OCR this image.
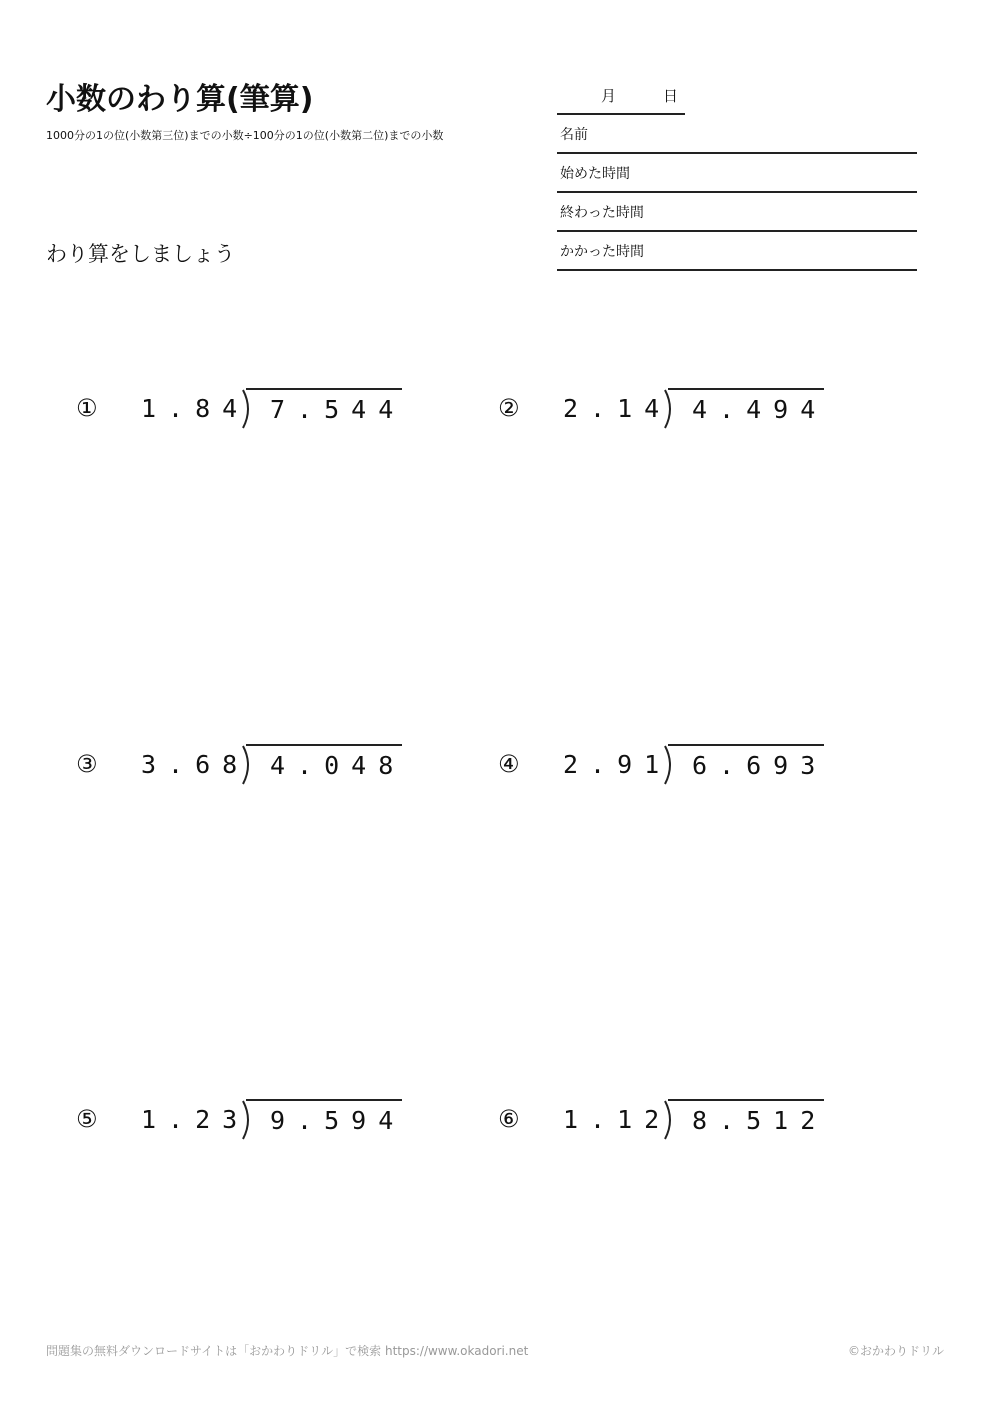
小数のわり算(筆算)
1000分の1の位(小数第三位)までの小数÷100分の1の位(小数第二位)までの小数
わり算をしましょう
月	日
名前
始めた時間
終わった時間
かかった時間
① 1.84 7.544	② 2.14 4.494
③ 3.68 4.048	④ 2.91 6.693
⑤ 1.23 9.594	⑥ 1.12 8.512
問題集の無料ダウンロードサイトは「おかわりドリル」で検索 https://www.okadori.net	©おかわりドリル
